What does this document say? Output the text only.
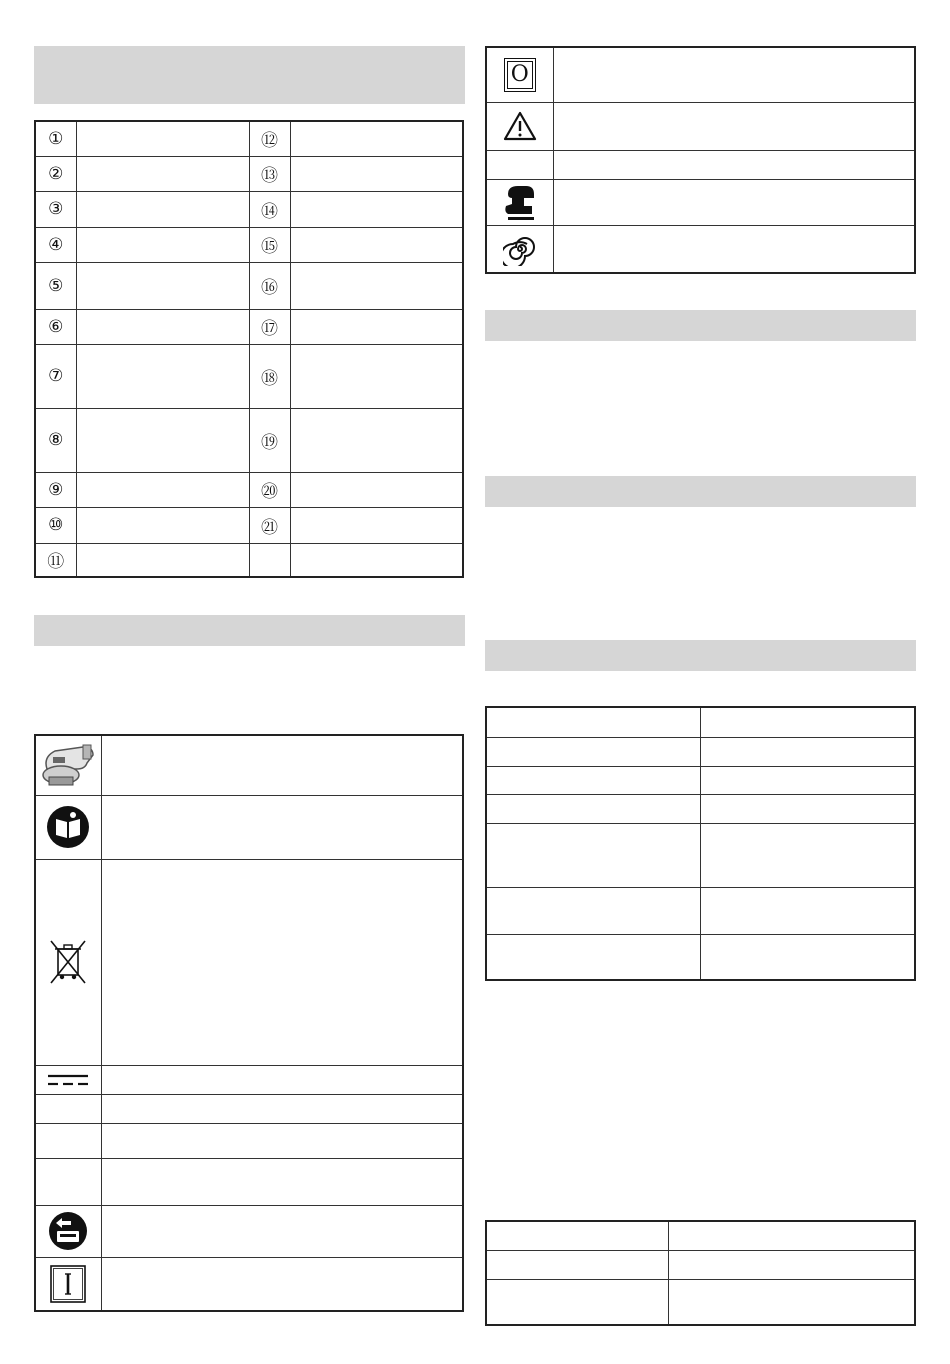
①		⑫	
②		⑬	
③		⑭	
④		⑮	
⑤		⑯	
⑥		⑰	
⑦		⑱	
⑧		⑲	
⑨		⑳	
⑩		㉑	
⑪			

O	
